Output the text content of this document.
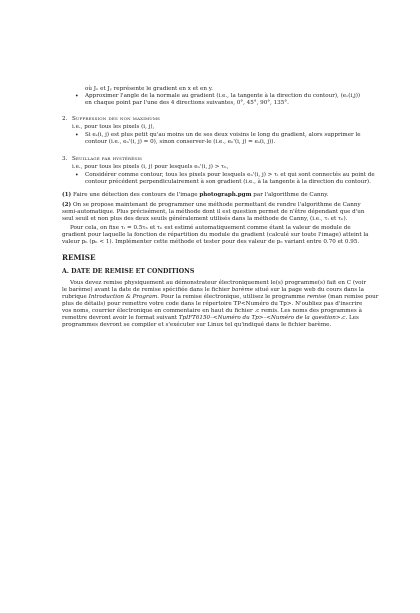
où Jₓ et Jᵧ représente le gradient en x et en y.
• Approximer l'angle de la normale au gradient (i.e., la tangente à la direction du contour), (eₒ(i,j))
en chaque point par l'une des 4 directions suivantes, 0°, 45°, 90°, 135°.
2. Suppression des non maximums
i.e., pour tous les pixels (i, j),
• Si eₛ(i, j) est plus petit qu'au moins un de ses deux voisins le long du gradient, alors supprimer le
contour (i.e., eₙ'(i, j) = 0), sinon conserver-le (i.e., eₙ'(i, j) = eₛ(i, j)).
3. Seuillage par hystérésis
i.e., pour tous les pixels (i, j) pour lesquels eₙ'(i, j) > τₕ,
• Considérer comme contour, tous les pixels pour lesquels eₙ'(i, j) > τₗ et qui sont connectés au point de
contour précédent perpendiculairement à son gradient (i.e., à la tangente à la direction du contour).
(1) Faire une détection des contours de l'image photograph.pgm par l'algorithme de Canny.
(2) On se propose maintenant de programmer une méthode permettant de rendre l'algorithme de Canny
semi-automatique. Plus précisément, la méthode dont il est question permet de n'être dépendant que d'un
seul seuil et non plus des deux seuils généralement utilisés dans la méthode de Canny, (i.e., τₗ et τₕ).
Pour cela, on fixe τₗ = 0.5τₕ et τₕ est estimé automatiquement comme étant la valeur de module de
gradient pour laquelle la fonction de répartition du module du gradient (calculé sur toute l'image) atteint la
valeur pₕ (pₕ < 1). Implémenter cette méthode et tester pour des valeur de pₕ variant entre 0.70 et 0.95.
REMISE
A. DATE DE REMISE ET CONDITIONS
Vous devez remise physiquement au démonstrateur électroniquement le(s) programme(s) fait en C (voir
le barème) avant la date de remise spécifiée dans le fichier barème situé sur la page web du cours dans la
rubrique Introduction & Program. Pour la remise électronique, utilisez le programme remise (man remise pour
plus de détails) pour remettre votre code dans le répertoire TP<Numéro du Tp>. N'oubliez pas d'inscrire
vos noms, courrier électronique en commentaire en haut du fichier .c remis. Les noms des programmes à
remettre devront avoir le format suivant TpIFT6150–<Numéro du Tp>–<Numéro de la question>.c. Les
programmes devront se compiler et s'exécuter sur Linux tel qu'indiqué dans le fichier barème.
